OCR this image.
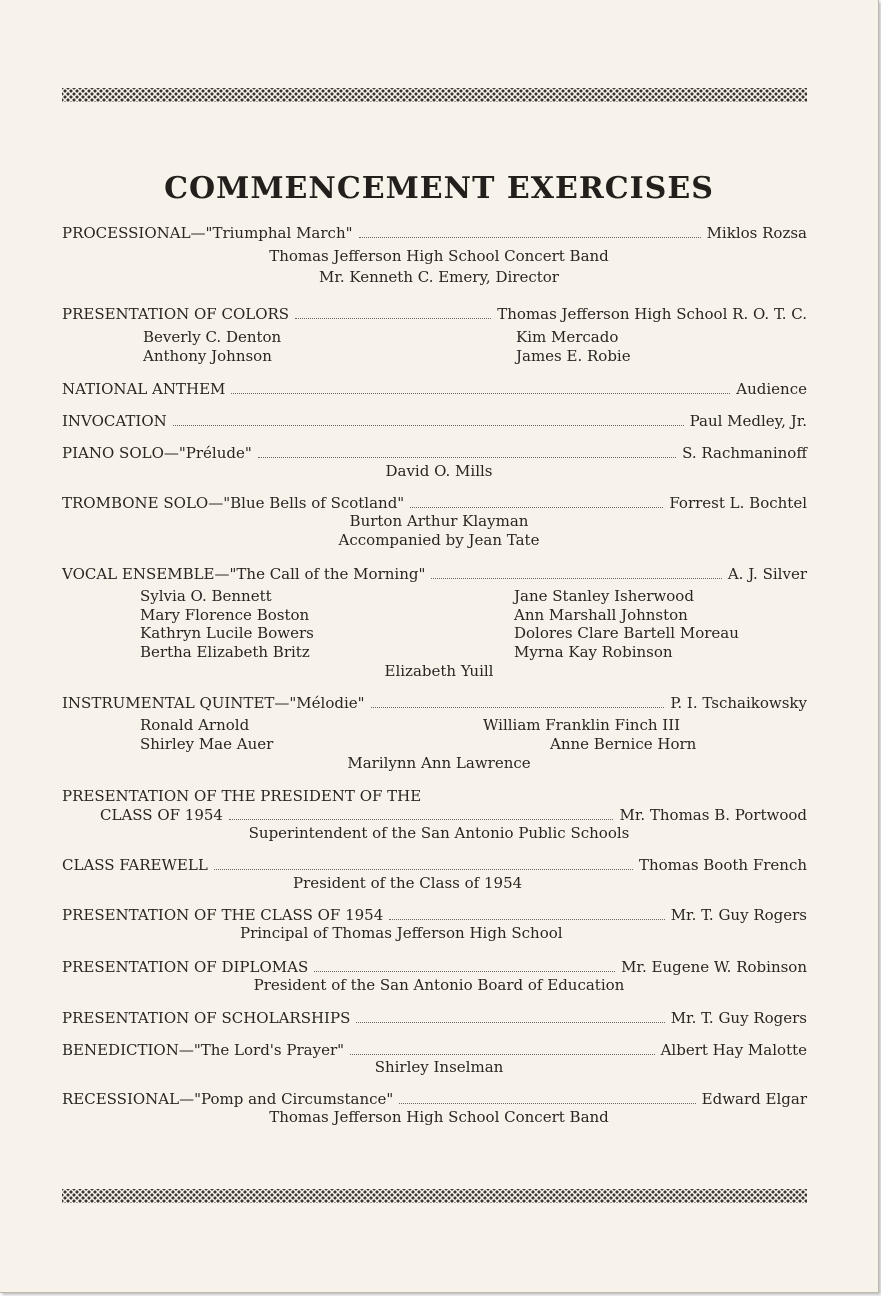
COMMENCEMENT EXERCISES
PROCESSIONAL—"Triumphal March"	Miklos Rozsa
Thomas Jefferson High School Concert Band
Mr. Kenneth C. Emery, Director
PRESENTATION OF COLORS	Thomas Jefferson High School R. O. T. C.
Beverly C. Denton	Kim Mercado
Anthony Johnson	James E. Robie
NATIONAL ANTHEM	Audience
INVOCATION	Paul Medley, Jr.
PIANO SOLO—"Prélude"	S. Rachmaninoff
David O. Mills
TROMBONE SOLO—"Blue Bells of Scotland"	Forrest L. Bochtel
Burton Arthur Klayman
Accompanied by Jean Tate
VOCAL ENSEMBLE—"The Call of the Morning"	A. J. Silver
Sylvia O. Bennett	Jane Stanley Isherwood
Mary Florence Boston	Ann Marshall Johnston
Kathryn Lucile Bowers	Dolores Clare Bartell Moreau
Bertha Elizabeth Britz	Myrna Kay Robinson
Elizabeth Yuill
INSTRUMENTAL QUINTET—"Mélodie"	P. I. Tschaikowsky
Ronald Arnold	William Franklin Finch III
Shirley Mae Auer	Anne Bernice Horn
Marilynn Ann Lawrence
PRESENTATION OF THE PRESIDENT OF THE
CLASS OF 1954	Mr. Thomas B. Portwood
Superintendent of the San Antonio Public Schools
CLASS FAREWELL	Thomas Booth French
President of the Class of 1954
PRESENTATION OF THE CLASS OF 1954	Mr. T. Guy Rogers
Principal of Thomas Jefferson High School
PRESENTATION OF DIPLOMAS	Mr. Eugene W. Robinson
President of the San Antonio Board of Education
PRESENTATION OF SCHOLARSHIPS	Mr. T. Guy Rogers
BENEDICTION—"The Lord's Prayer"	Albert Hay Malotte
Shirley Inselman
RECESSIONAL—"Pomp and Circumstance"	Edward Elgar
Thomas Jefferson High School Concert Band
